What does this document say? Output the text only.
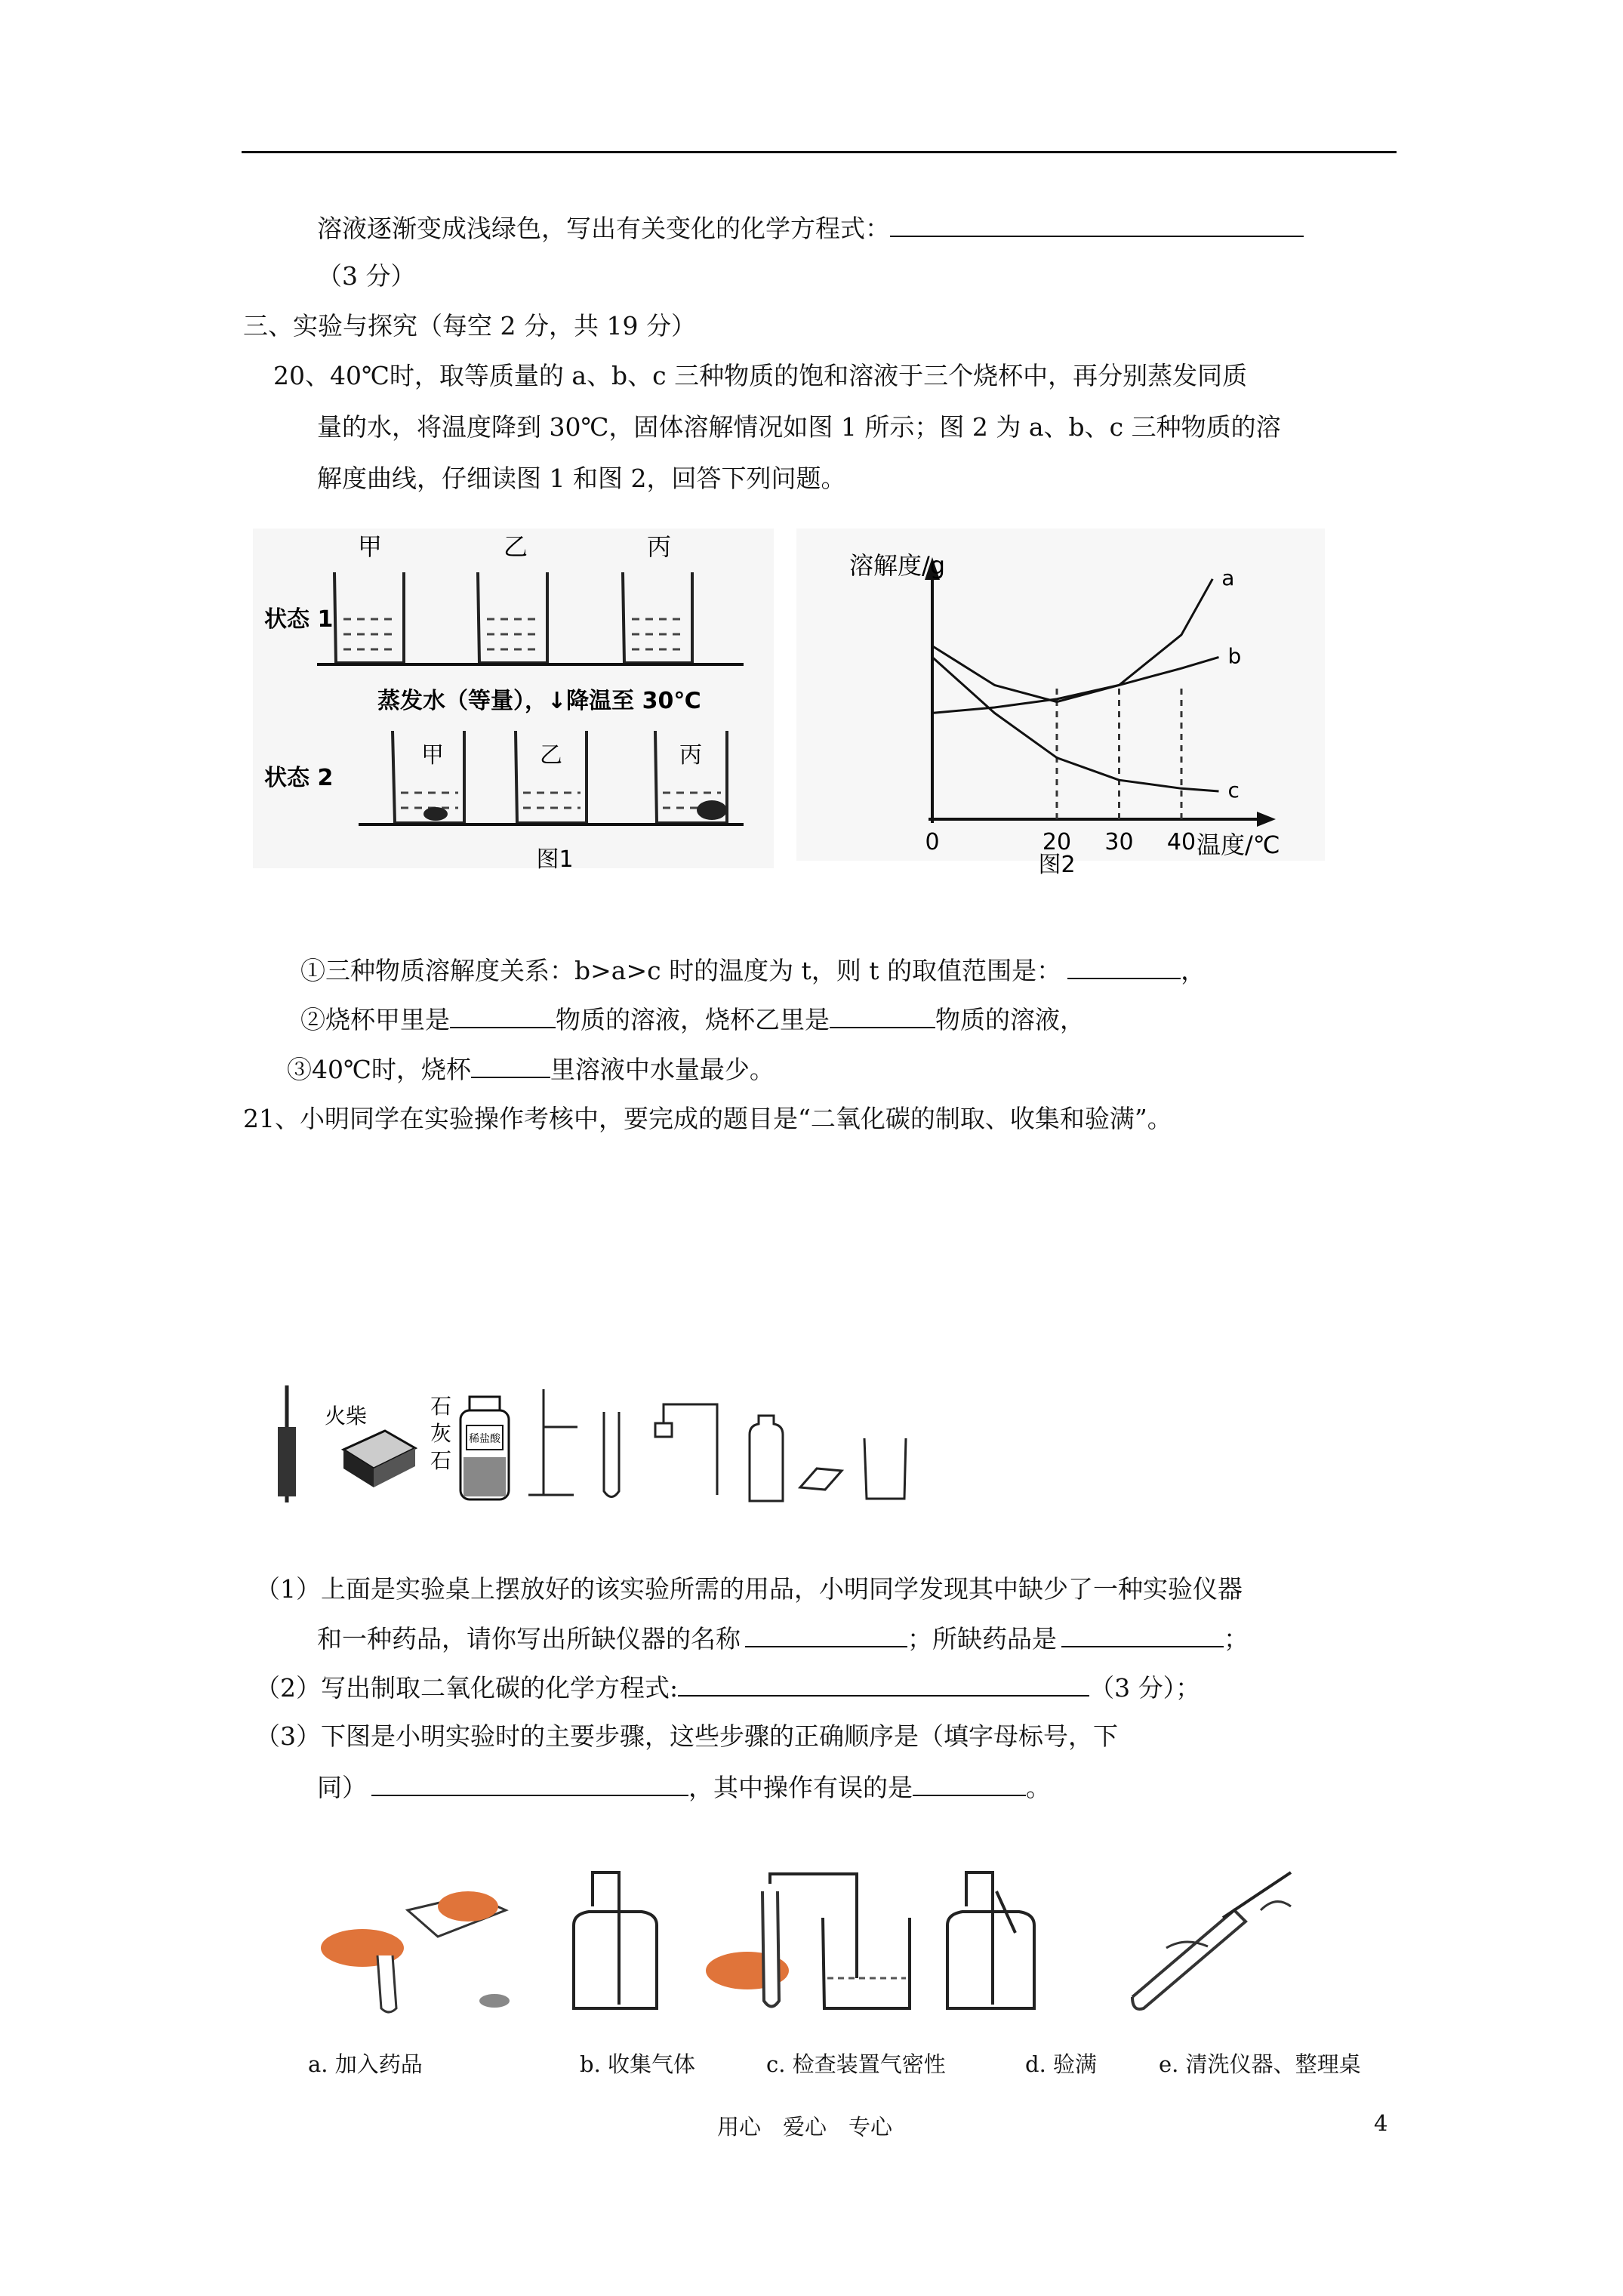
溶液逐渐变成浅绿色，写出有关变化的化学方程式：
（3 分）
三、实验与探究（每空 2 分，共 19 分）
20、40℃时，取等质量的 a、b、c 三种物质的饱和溶液于三个烧杯中，再分别蒸发同质
量的水，将温度降到 30℃，固体溶解情况如图 1 所示；图 2 为 a、b、c 三种物质的溶
解度曲线，仔细读图 1 和图 2，回答下列问题。
甲	乙	丙
状态 1
蒸发水（等量），↓降温至 30℃
状态 2
甲	乙	丙
图1
溶解度/g
温度/℃
0	20 30 40
a
b
c
图2
①三种物质溶解度关系：b>a>c 时的温度为 t，则 t 的取值范围是：	，
②烧杯甲里是	物质的溶液，烧杯乙里是	物质的溶液，
③40℃时，烧杯	里溶液中水量最少。
21、小明同学在实验操作考核中，要完成的题目是“二氧化碳的制取、收集和验满”。
火柴	石
灰
石
稀盐酸
（1）上面是实验桌上摆放好的该实验所需的用品，小明同学发现其中缺少了一种实验仪器
和一种药品，请你写出所缺仪器的名称	；所缺药品是	；
（2）写出制取二氧化碳的化学方程式:	（3 分）；
（3）下图是小明实验时的主要步骤，这些步骤的正确顺序是（填字母标号，下
同）	，其中操作有误的是	。
a. 加入药品	b. 收集气体	c. 检查装置气密性	d. 验满	e. 清洗仪器、整理桌
用心　爱心　专心	4
